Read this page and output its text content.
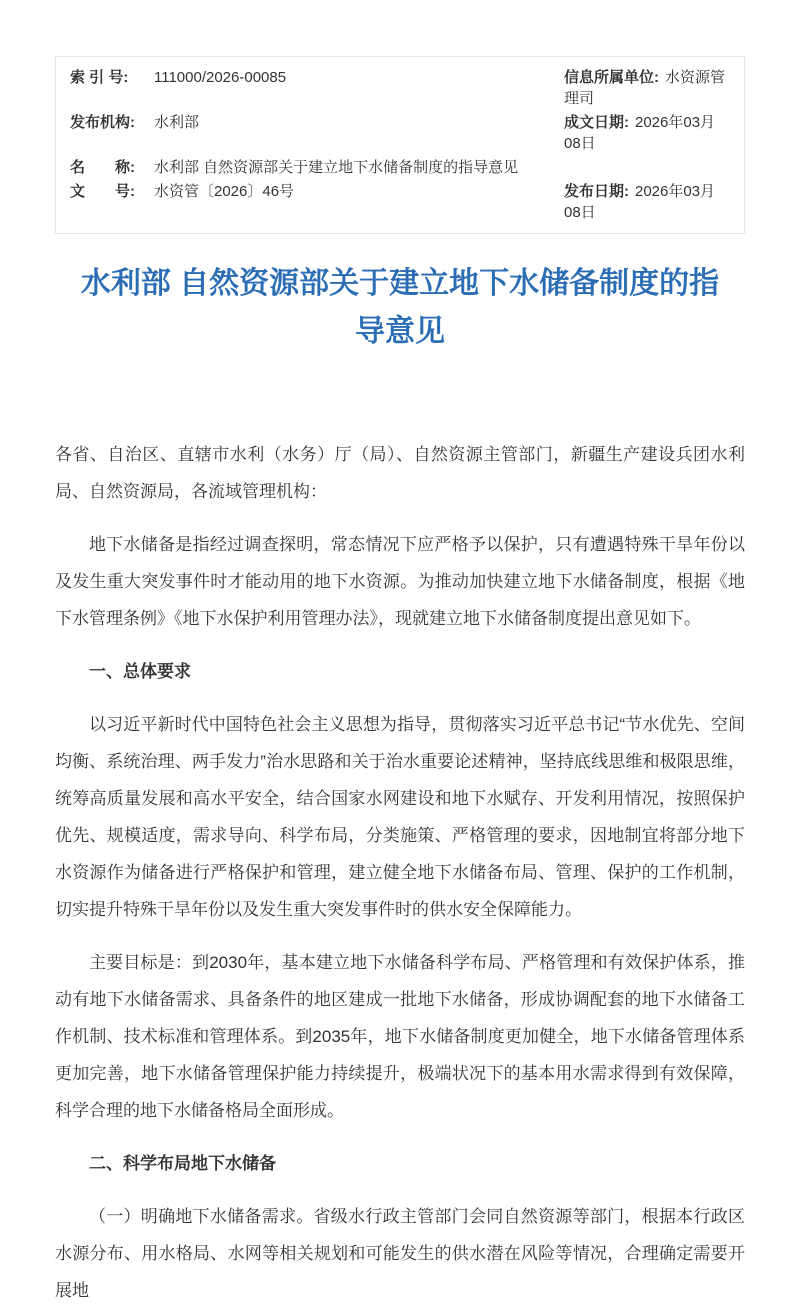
索 引 号:	111000/2026-00085	信息所属单位: 水资源管理司
发布机构:	水利部	成文日期: 2026年03月08日
名　　称:	水利部 自然资源部关于建立地下水储备制度的指导意见
文　　号:	水资管〔2026〕46号	发布日期: 2026年03月08日
水利部 自然资源部关于建立地下水储备制度的指导意见

各省、自治区、直辖市水利（水务）厅（局）、自然资源主管部门，新疆生产建设兵团水利局、自然资源局，各流域管理机构：

地下水储备是指经过调查探明，常态情况下应严格予以保护，只有遭遇特殊干旱年份以及发生重大突发事件时才能动用的地下水资源。为推动加快建立地下水储备制度，根据《地下水管理条例》《地下水保护利用管理办法》，现就建立地下水储备制度提出意见如下。

一、总体要求

以习近平新时代中国特色社会主义思想为指导，贯彻落实习近平总书记“节水优先、空间均衡、系统治理、两手发力”治水思路和关于治水重要论述精神，坚持底线思维和极限思维，统筹高质量发展和高水平安全，结合国家水网建设和地下水赋存、开发利用情况，按照保护优先、规模适度，需求导向、科学布局，分类施策、严格管理的要求，因地制宜将部分地下水资源作为储备进行严格保护和管理，建立健全地下水储备布局、管理、保护的工作机制，切实提升特殊干旱年份以及发生重大突发事件时的供水安全保障能力。

主要目标是：到2030年，基本建立地下水储备科学布局、严格管理和有效保护体系，推动有地下水储备需求、具备条件的地区建成一批地下水储备，形成协调配套的地下水储备工作机制、技术标准和管理体系。到2035年，地下水储备制度更加健全，地下水储备管理体系更加完善，地下水储备管理保护能力持续提升，极端状况下的基本用水需求得到有效保障，科学合理的地下水储备格局全面形成。

二、科学布局地下水储备

（一）明确地下水储备需求。省级水行政主管部门会同自然资源等部门，根据本行政区水源分布、用水格局、水网等相关规划和可能发生的供水潜在风险等情况，合理确定需要开展地
